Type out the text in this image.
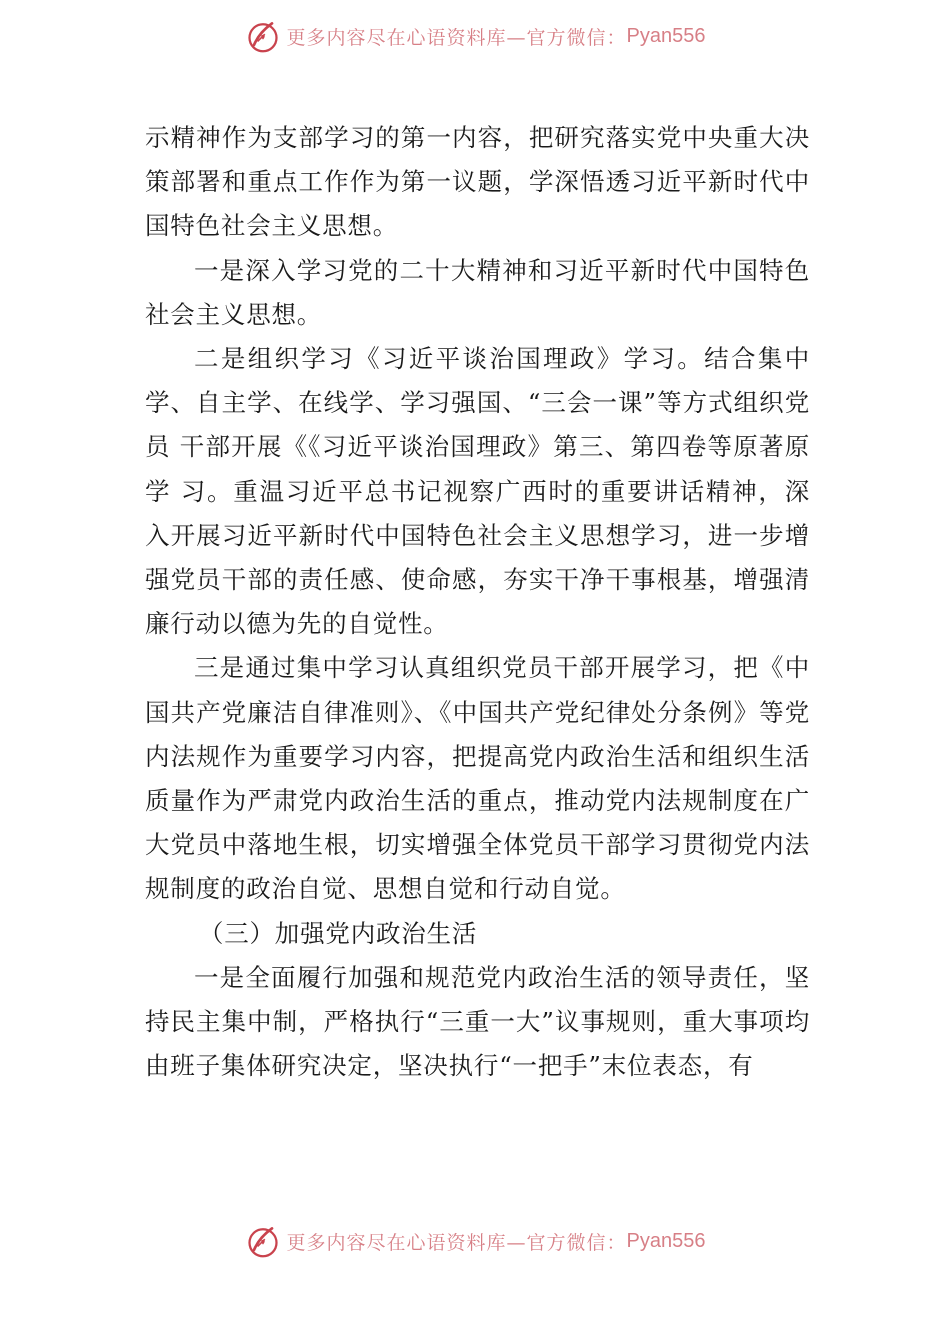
更多内容尽在心语资料库—官方微信： Pyan556

示精神作为支部学习的第一内容，把研究落实党中央重大决策部署和重点工作作为第一议题，学深悟透习近平新时代中国特色社会主义思想。

一是深入学习党的二十大精神和习近平新时代中国特色社会主义思想。

二是组织学习《习近平谈治国理政》学习。结合集中学、自主学、在线学、学习强国、“三会一课”等方式组织党员 干部开展《《习近平谈治国理政》第三、第四卷等原著原学 习。重温习近平总书记视察广西时的重要讲话精神，深入开展习近平新时代中国特色社会主义思想学习，进一步增强党员干部的责任感、使命感，夯实干净干事根基，增强清廉行动以德为先的自觉性。

三是通过集中学习认真组织党员干部开展学习，把《中国共产党廉洁自律准则》、《中国共产党纪律处分条例》等党内法规作为重要学习内容，把提高党内政治生活和组织生活质量作为严肃党内政治生活的重点，推动党内法规制度在广大党员中落地生根，切实增强全体党员干部学习贯彻党内法规制度的政治自觉、思想自觉和行动自觉。

（三）加强党内政治生活

一是全面履行加强和规范党内政治生活的领导责任，坚持民主集中制，严格执行“三重一大”议事规则，重大事项均由班子集体研究决定，坚决执行“一把手”末位表态，有

更多内容尽在心语资料库—官方微信： Pyan556
